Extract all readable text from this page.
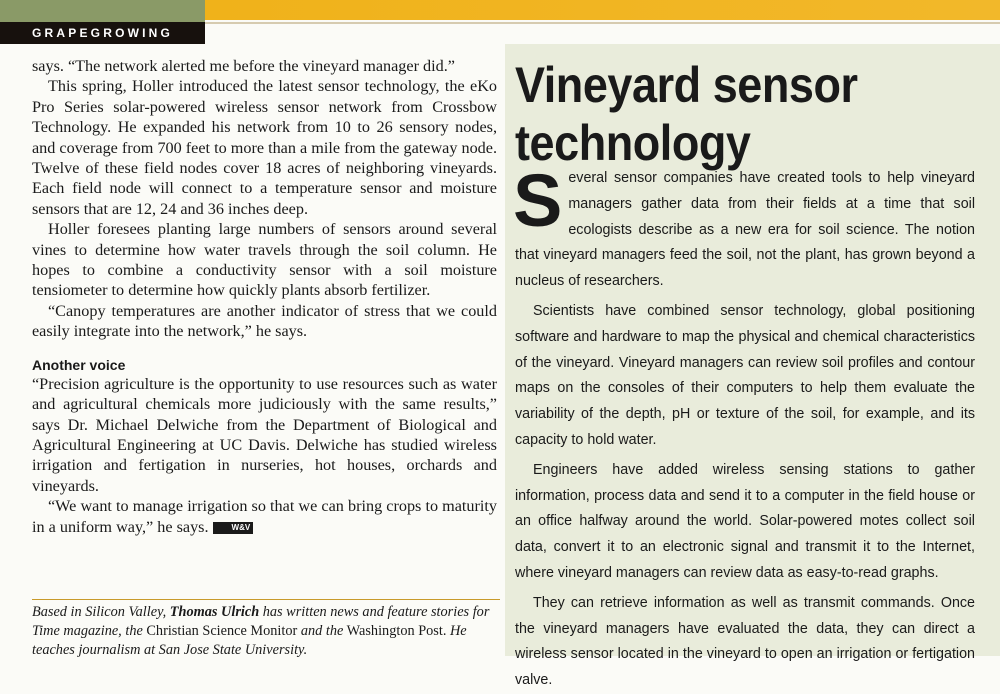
GRAPEGROWING

says. “The network alerted me before the vineyard manager did.”

This spring, Holler introduced the latest sensor technology, the eKo Pro Series solar-powered wireless sensor network from Crossbow Technology. He expanded his network from 10 to 26 sensory nodes, and coverage from 700 feet to more than a mile from the gateway node. Twelve of these field nodes cover 18 acres of neighboring vineyards. Each field node will connect to a temperature sensor and moisture sensors that are 12, 24 and 36 inches deep.

Holler foresees planting large numbers of sensors around several vines to determine how water travels through the soil column. He hopes to combine a conductivity sensor with a soil moisture tensiometer to determine how quickly plants absorb fertilizer.

“Canopy temperatures are another indicator of stress that we could easily integrate into the network,” he says.

Another voice

“Precision agriculture is the opportunity to use resources such as water and agricultural chemicals more judiciously with the same results,” says Dr. Michael Delwiche from the Department of Biological and Agricultural Engineering at UC Davis. Delwiche has studied wireless irrigation and fertigation in nurseries, hot houses, orchards and vineyards.

“We want to manage irrigation so that we can bring crops to maturity in a uniform way,” he says.	W&V

Based in Silicon Valley, Thomas Ulrich has written news and feature stories for Time magazine, the Christian Science Monitor and the Washington Post. He teaches journalism at San Jose State University.
Vineyard sensor technology

Several sensor companies have created tools to help vineyard managers gather data from their fields at a time that soil ecologists describe as a new era for soil science. The notion that vineyard managers feed the soil, not the plant, has grown beyond a nucleus of researchers.

Scientists have combined sensor technology, global positioning software and hardware to map the physical and chemical characteristics of the vineyard. Vineyard managers can review soil profiles and contour maps on the consoles of their computers to help them evaluate the variability of the depth, pH or texture of the soil, for example, and its capacity to hold water.

Engineers have added wireless sensing stations to gather information, process data and send it to a computer in the field house or an office halfway around the world. Solar-powered motes collect soil data, convert it to an electronic signal and transmit it to the Internet, where vineyard managers can review data as easy-to-read graphs.

They can retrieve information as well as transmit commands. Once the vineyard managers have evaluated the data, they can direct a wireless sensor located in the vineyard to open an irrigation or fertigation valve.
